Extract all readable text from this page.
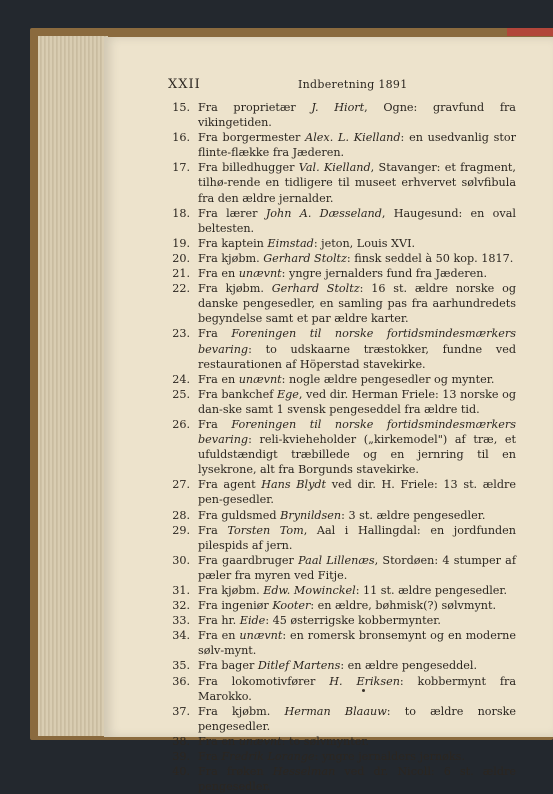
XXII	Indberetning 1891
15. Fra proprietær J. Hiort, Ogne: gravfund fra vikingetiden.
16. Fra borgermester Alex. L. Kielland: en usedvanlig stor flinte-flække fra Jæderen.
17. Fra billedhugger Val. Kielland, Stavanger: et fragment, tilhø-rende en tidligere til museet erhvervet sølvfibula fra den ældre jernalder.
18. Fra lærer John A. Dæsseland, Haugesund: en oval beltesten.
19. Fra kaptein Eimstad: jeton, Louis XVI.
20. Fra kjøbm. Gerhard Stoltz: finsk seddel à 50 kop. 1817.
21. Fra en unævnt: yngre jernalders fund fra Jæderen.
22. Fra kjøbm. Gerhard Stoltz: 16 st. ældre norske og danske pengesedler, en samling pas fra aarhundredets begyndelse samt et par ældre karter.
23. Fra Foreningen til norske fortidsmindesmærkers bevaring: to udskaarne træstokker, fundne ved restaurationen af Höperstad stavekirke.
24. Fra en unævnt: nogle ældre pengesedler og mynter.
25. Fra bankchef Ege, ved dir. Herman Friele: 13 norske og dan-ske samt 1 svensk pengeseddel fra ældre tid.
26. Fra Foreningen til norske fortidsmindesmærkers bevaring: reli-kvieheholder („kirkemodel") af træ, et ufuldstændigt træbillede og en jernring til en lysekrone, alt fra Borgunds stavekirke.
27. Fra agent Hans Blydt ved dir. H. Friele: 13 st. ældre pen-gesedler.
28. Fra guldsmed Brynildsen: 3 st. ældre pengesedler.
29. Fra Torsten Tom, Aal i Hallingdal: en jordfunden pilespids af jern.
30. Fra gaardbruger Paal Lillenæs, Stordøen: 4 stumper af pæler fra myren ved Fitje.
31. Fra kjøbm. Edw. Mowinckel: 11 st. ældre pengesedler.
32. Fra ingeniør Kooter: en ældre, bøhmisk(?) sølvmynt.
33. Fra hr. Eide: 45 østerrigske kobbermynter.
34. Fra en unævnt: en romersk bronsemynt og en moderne sølv-mynt.
35. Fra bager Ditlef Martens: en ældre pengeseddel.
36. Fra lokomotivfører H. Eriksen: kobbermynt fra Marokko.
37. Fra kjøbm. Herman Blaauw: to ældre norske pengesedler.
38. Fra en unævnt: to sølvmynter.
39. Fra Fredrik Lorange: yngre jernalders jernøks.
40. Fra frøken Hesselman ved dr. Nicoll: 6 st. ældre pengesedler.
